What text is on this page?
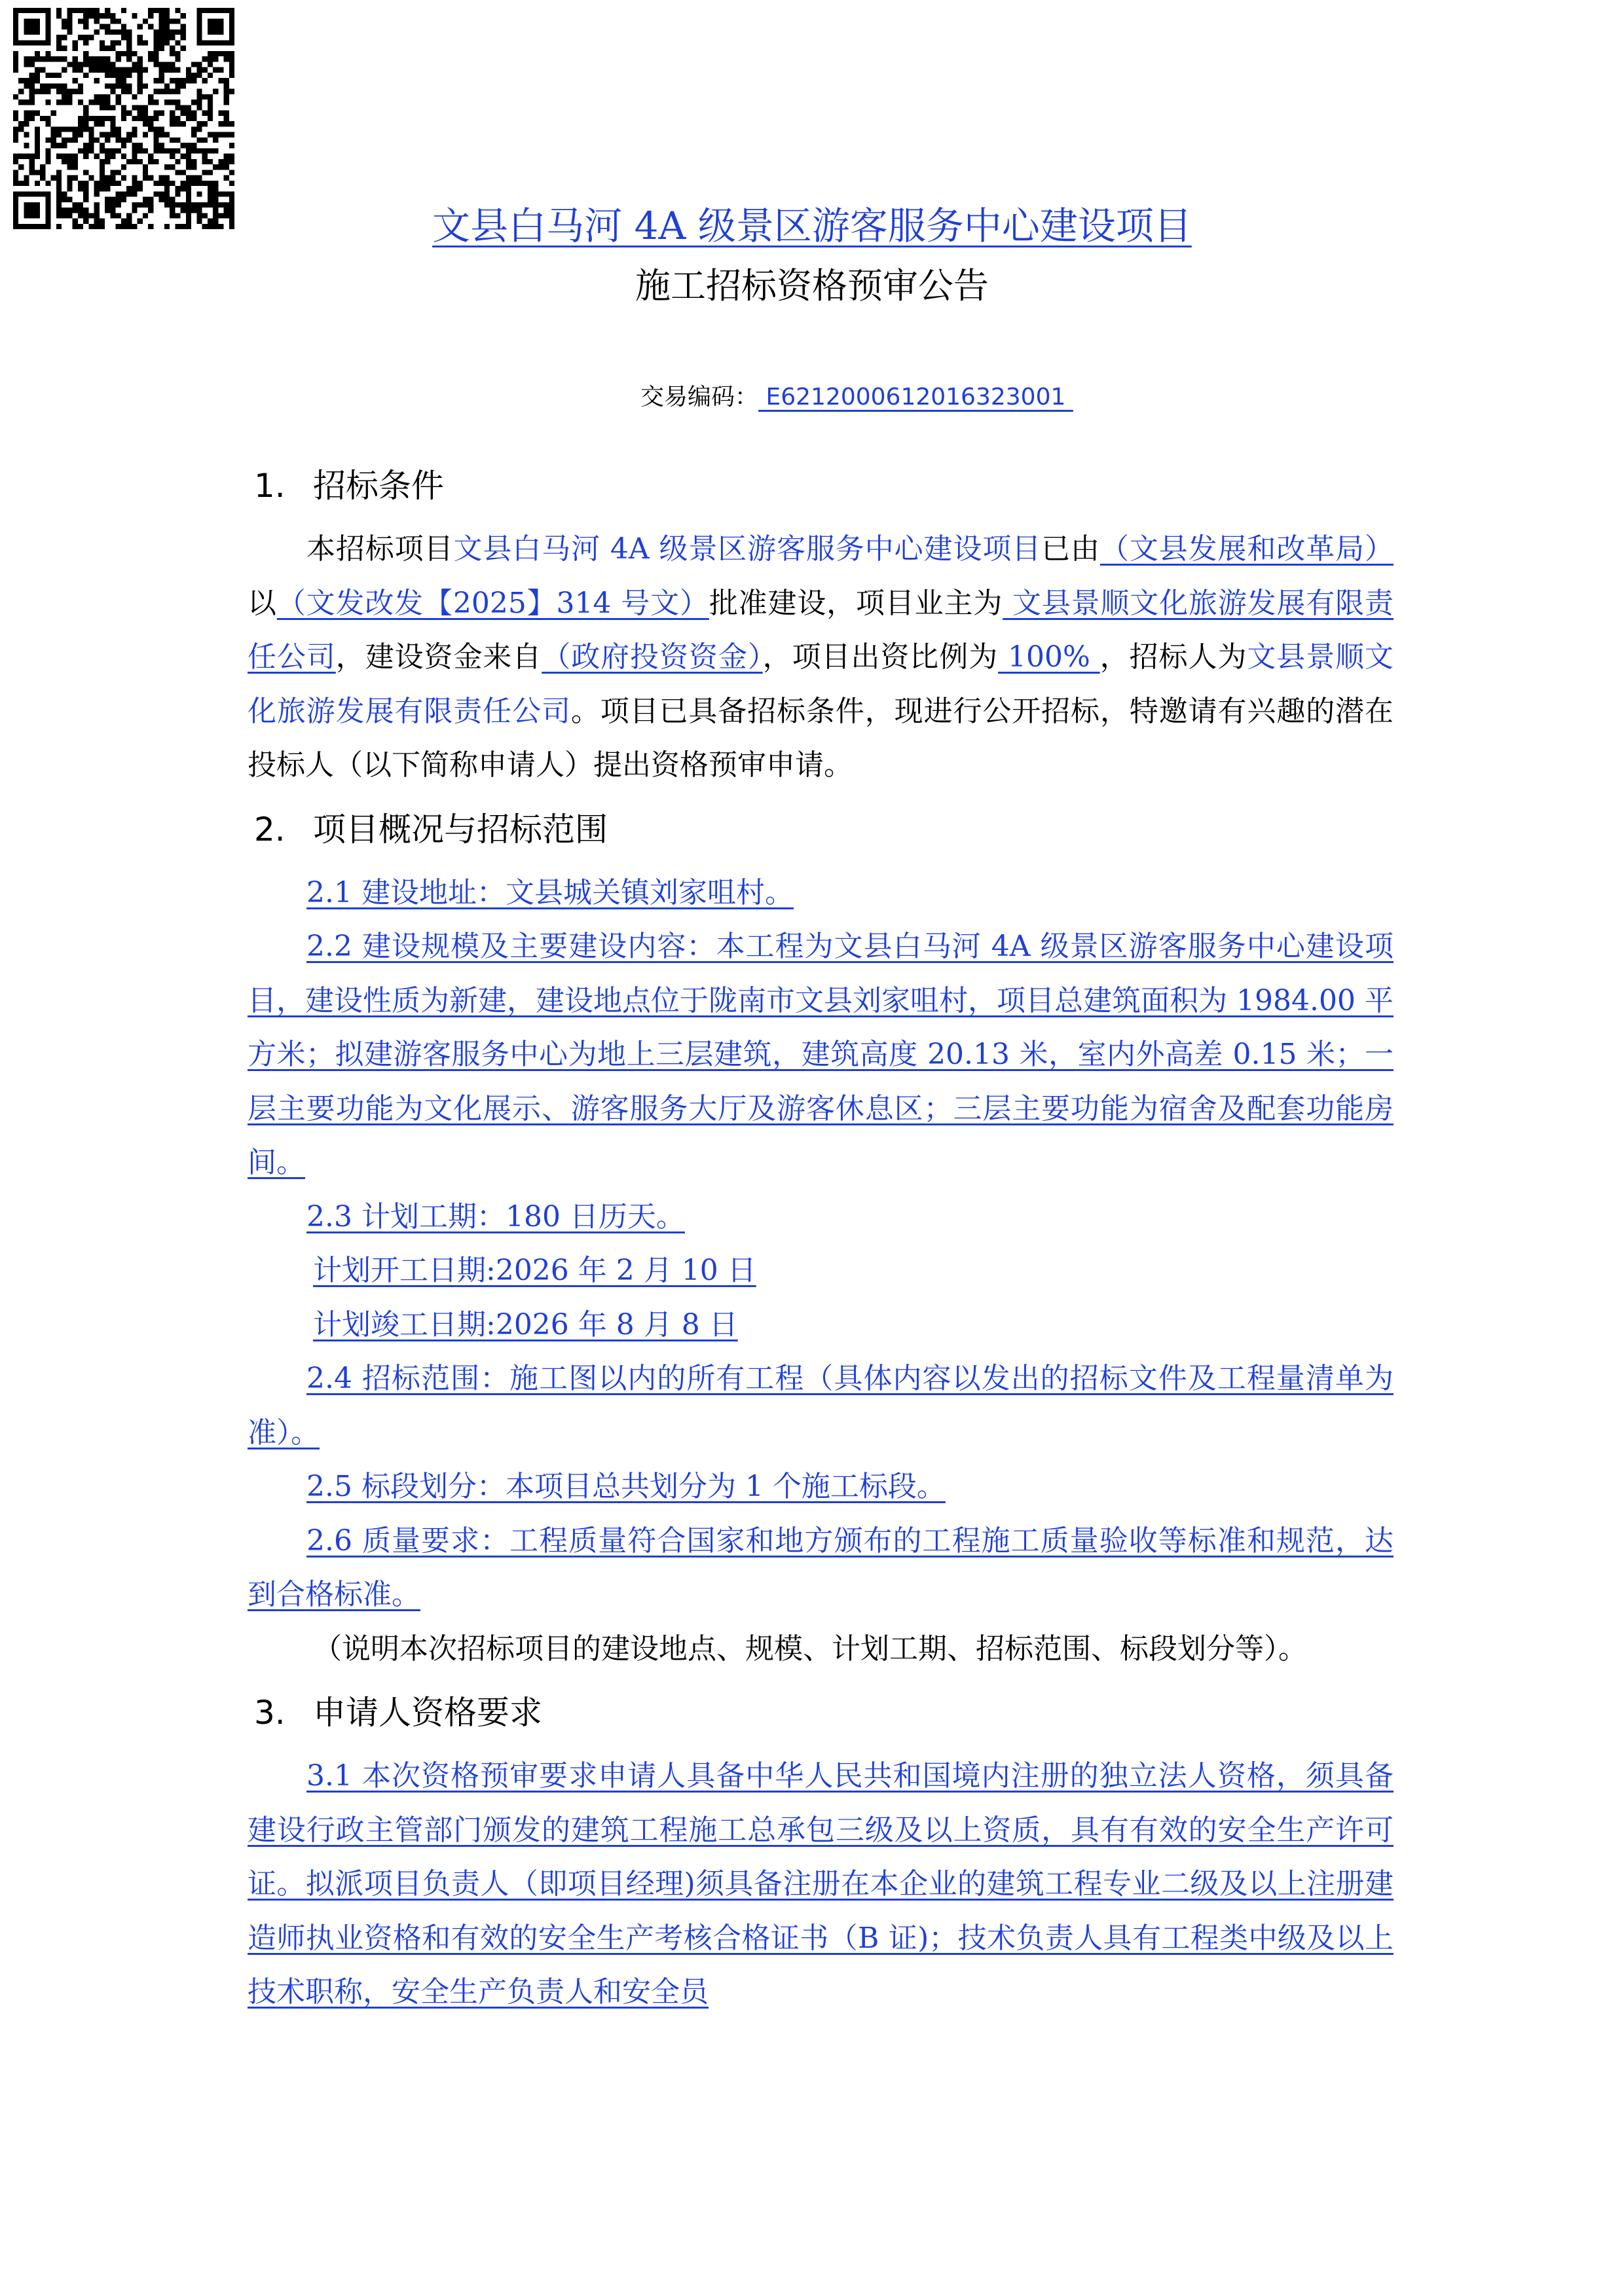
文县白马河 4A 级景区游客服务中心建设项目
施工招标资格预审公告
交易编码： E6212000612016323001
1. 招标条件

本招标项目文县白马河 4A 级景区游客服务中心建设项目已由（文县发展和改革局）以（文发改发【2025】314 号文）批准建设，项目业主为 文县景顺文化旅游发展有限责任公司，建设资金来自（政府投资资金），项目出资比例为 100% ，招标人为文县景顺文化旅游发展有限责任公司。项目已具备招标条件，现进行公开招标，特邀请有兴趣的潜在投标人（以下简称申请人）提出资格预审申请。

2. 项目概况与招标范围

2.1 建设地址：文县城关镇刘家咀村。

2.2 建设规模及主要建设内容：本工程为文县白马河 4A 级景区游客服务中心建设项目，建设性质为新建，建设地点位于陇南市文县刘家咀村，项目总建筑面积为 1984.00 平方米；拟建游客服务中心为地上三层建筑，建筑高度 20.13 米，室内外高差 0.15 米；一层主要功能为文化展示、游客服务大厅及游客休息区；三层主要功能为宿舍及配套功能房间。

2.3 计划工期：180 日历天。

计划开工日期:2026 年 2 月 10 日

计划竣工日期:2026 年 8 月 8 日

2.4 招标范围：施工图以内的所有工程（具体内容以发出的招标文件及工程量清单为准）。

2.5 标段划分：本项目总共划分为 1 个施工标段。

2.6 质量要求：工程质量符合国家和地方颁布的工程施工质量验收等标准和规范，达到合格标准。

（说明本次招标项目的建设地点、规模、计划工期、招标范围、标段划分等）。

3. 申请人资格要求

3.1 本次资格预审要求申请人具备中华人民共和国境内注册的独立法人资格，须具备建设行政主管部门颁发的建筑工程施工总承包三级及以上资质，具有有效的安全生产许可证。拟派项目负责人（即项目经理)须具备注册在本企业的建筑工程专业二级及以上注册建造师执业资格和有效的安全生产考核合格证书（B 证)；技术负责人具有工程类中级及以上技术职称，安全生产负责人和安全员
